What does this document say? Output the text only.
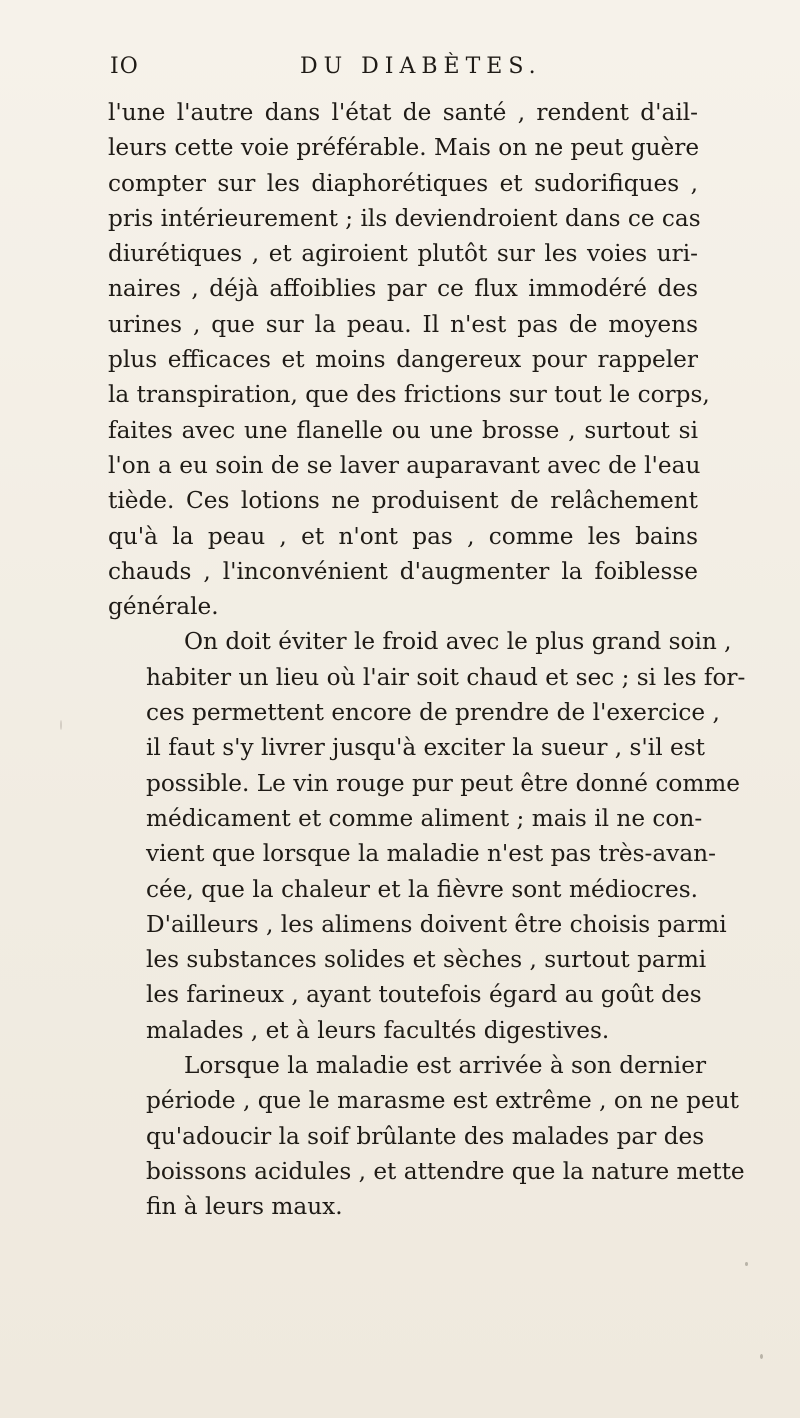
IO	DU DIABÈTES.

l'une l'autre dans l'état de santé , rendent d'ail-
leurs cette voie préférable. Mais on ne peut guère
compter sur les diaphorétiques et sudorifiques ,
pris intérieurement ; ils deviendroient dans ce cas
diurétiques , et agiroient plutôt sur les voies uri-
naires , déjà affoiblies par ce flux immodéré des
urines , que sur la peau. Il n'est pas de moyens
plus efficaces et moins dangereux pour rappeler
la transpiration, que des frictions sur tout le corps,
faites avec une flanelle ou une brosse , surtout si
l'on a eu soin de se laver auparavant avec de l'eau
tiède. Ces lotions ne produisent de relâchement
qu'à la peau , et n'ont pas , comme les bains
chauds , l'inconvénient d'augmenter la foiblesse
générale.

On doit éviter le froid avec le plus grand soin ,
habiter un lieu où l'air soit chaud et sec ; si les for-
ces permettent encore de prendre de l'exercice ,
il faut s'y livrer jusqu'à exciter la sueur , s'il est
possible. Le vin rouge pur peut être donné comme
médicament et comme aliment ; mais il ne con-
vient que lorsque la maladie n'est pas très-avan-
cée, que la chaleur et la fièvre sont médiocres.
D'ailleurs , les alimens doivent être choisis parmi
les substances solides et sèches , surtout parmi
les farineux , ayant toutefois égard au goût des
malades , et à leurs facultés digestives.

Lorsque la maladie est arrivée à son dernier
période , que le marasme est extrême , on ne peut
qu'adoucir la soif brûlante des malades par des
boissons acidules , et attendre que la nature mette
fin à leurs maux.
